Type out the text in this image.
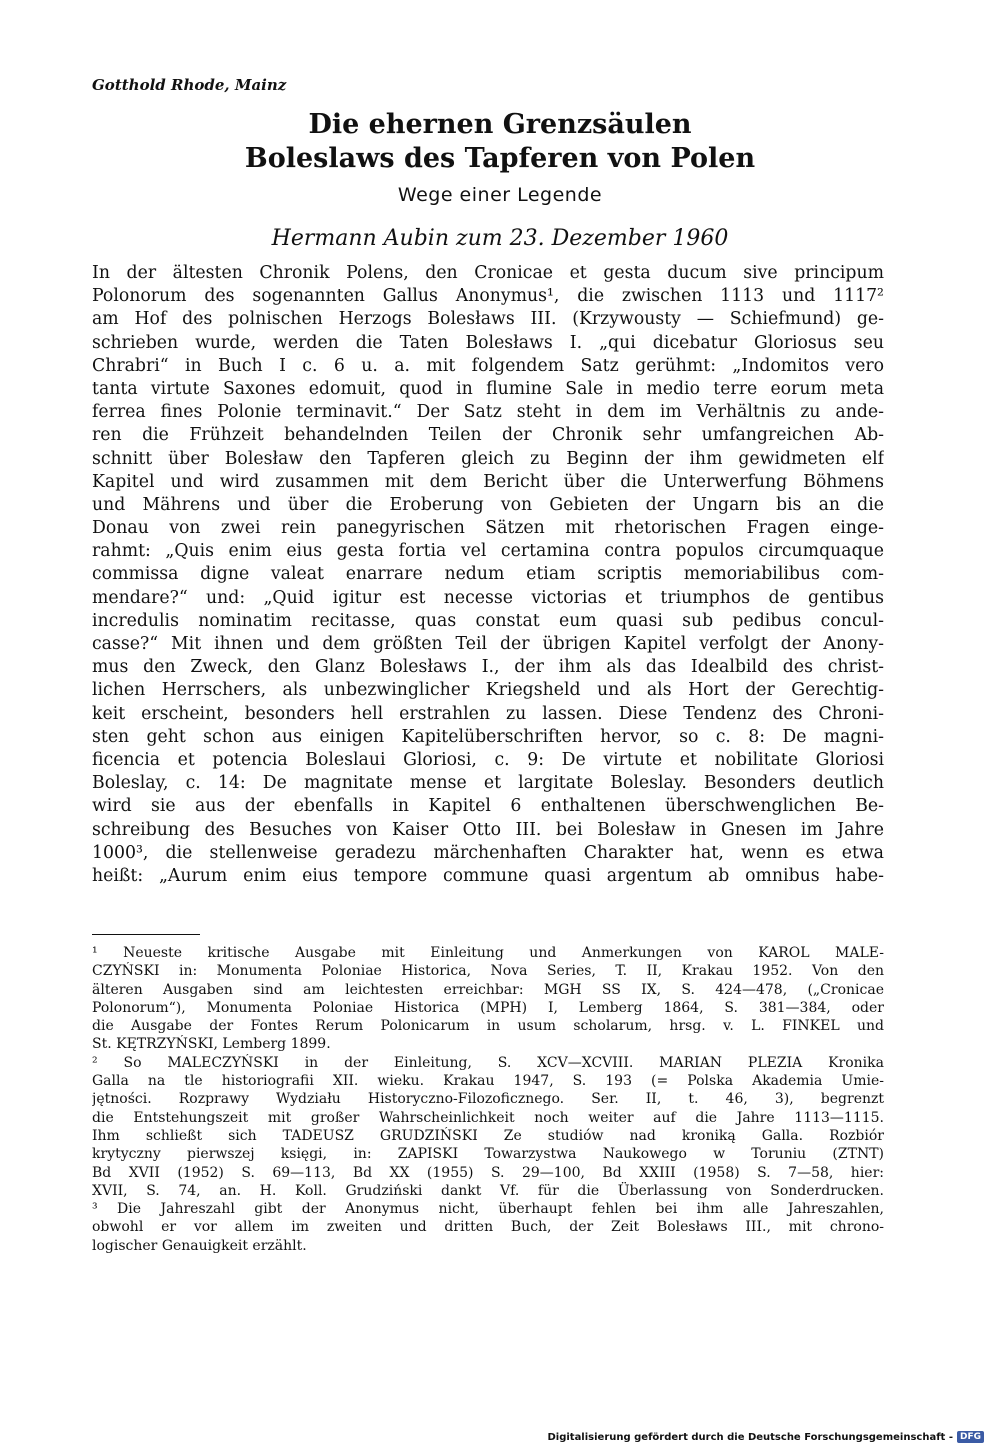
Gotthold Rhode, Mainz
Die ehernen Grenzsäulen
Boleslaws des Tapferen von Polen
Wege einer Legende
Hermann Aubin zum 23. Dezember 1960
In der ältesten Chronik Polens, den Cronicae et gesta ducum sive principum
Polonorum des sogenannten Gallus Anonymus¹, die zwischen 1113 und 1117²
am Hof des polnischen Herzogs Bolesławs III. (Krzywousty — Schiefmund) ge-
schrieben wurde, werden die Taten Bolesławs I. „qui dicebatur Gloriosus seu
Chrabri“ in Buch I c. 6 u. a. mit folgendem Satz gerühmt: „Indomitos vero
tanta virtute Saxones edomuit, quod in flumine Sale in medio terre eorum meta
ferrea fines Polonie terminavit.“ Der Satz steht in dem im Verhältnis zu ande-
ren die Frühzeit behandelnden Teilen der Chronik sehr umfangreichen Ab-
schnitt über Bolesław den Tapferen gleich zu Beginn der ihm gewidmeten elf
Kapitel und wird zusammen mit dem Bericht über die Unterwerfung Böhmens
und Mährens und über die Eroberung von Gebieten der Ungarn bis an die
Donau von zwei rein panegyrischen Sätzen mit rhetorischen Fragen einge-
rahmt: „Quis enim eius gesta fortia vel certamina contra populos circumquaque
commissa digne valeat enarrare nedum etiam scriptis memoriabilibus com-
mendare?“ und: „Quid igitur est necesse victorias et triumphos de gentibus
incredulis nominatim recitasse, quas constat eum quasi sub pedibus concul-
casse?“ Mit ihnen und dem größten Teil der übrigen Kapitel verfolgt der Anony-
mus den Zweck, den Glanz Bolesławs I., der ihm als das Idealbild des christ-
lichen Herrschers, als unbezwinglicher Kriegsheld und als Hort der Gerechtig-
keit erscheint, besonders hell erstrahlen zu lassen. Diese Tendenz des Chroni-
sten geht schon aus einigen Kapitelüberschriften hervor, so c. 8: De magni-
ficencia et potencia Boleslaui Gloriosi, c. 9: De virtute et nobilitate Gloriosi
Boleslay, c. 14: De magnitate mense et largitate Boleslay. Besonders deutlich
wird sie aus der ebenfalls in Kapitel 6 enthaltenen überschwenglichen Be-
schreibung des Besuches von Kaiser Otto III. bei Bolesław in Gnesen im Jahre
1000³, die stellenweise geradezu märchenhaften Charakter hat, wenn es etwa
heißt: „Aurum enim eius tempore commune quasi argentum ab omnibus habe-
¹ Neueste kritische Ausgabe mit Einleitung und Anmerkungen von KAROL MALE-
CZYŃSKI in: Monumenta Poloniae Historica, Nova Series, T. II, Krakau 1952. Von den
älteren Ausgaben sind am leichtesten erreichbar: MGH SS IX, S. 424—478, („Cronicae
Polonorum“), Monumenta Poloniae Historica (MPH) I, Lemberg 1864, S. 381—384, oder
die Ausgabe der Fontes Rerum Polonicarum in usum scholarum, hrsg. v. L. FINKEL und
St. KĘTRZYŃSKI, Lemberg 1899.
² So MALECZYŃSKI in der Einleitung, S. XCV—XCVIII. MARIAN PLEZIA Kronika
Galla na tle historiografii XII. wieku. Krakau 1947, S. 193 (= Polska Akademia Umie-
jętności. Rozprawy Wydziału Historyczno-Filozoficznego. Ser. II, t. 46, 3), begrenzt
die Entstehungszeit mit großer Wahrscheinlichkeit noch weiter auf die Jahre 1113—1115.
Ihm schließt sich TADEUSZ GRUDZIŃSKI Ze studiów nad kroniką Galla. Rozbiór
krytyczny pierwszej księgi, in: ZAPISKI Towarzystwa Naukowego w Toruniu (ZTNT)
Bd XVII (1952) S. 69—113, Bd XX (1955) S. 29—100, Bd XXIII (1958) S. 7—58, hier:
XVII, S. 74, an. H. Koll. Grudziński dankt Vf. für die Überlassung von Sonderdrucken.
³ Die Jahreszahl gibt der Anonymus nicht, überhaupt fehlen bei ihm alle Jahreszahlen,
obwohl er vor allem im zweiten und dritten Buch, der Zeit Bolesławs III., mit chrono-
logischer Genauigkeit erzählt.
Digitalisierung gefördert durch die Deutsche Forschungsgemeinschaft - DFG
